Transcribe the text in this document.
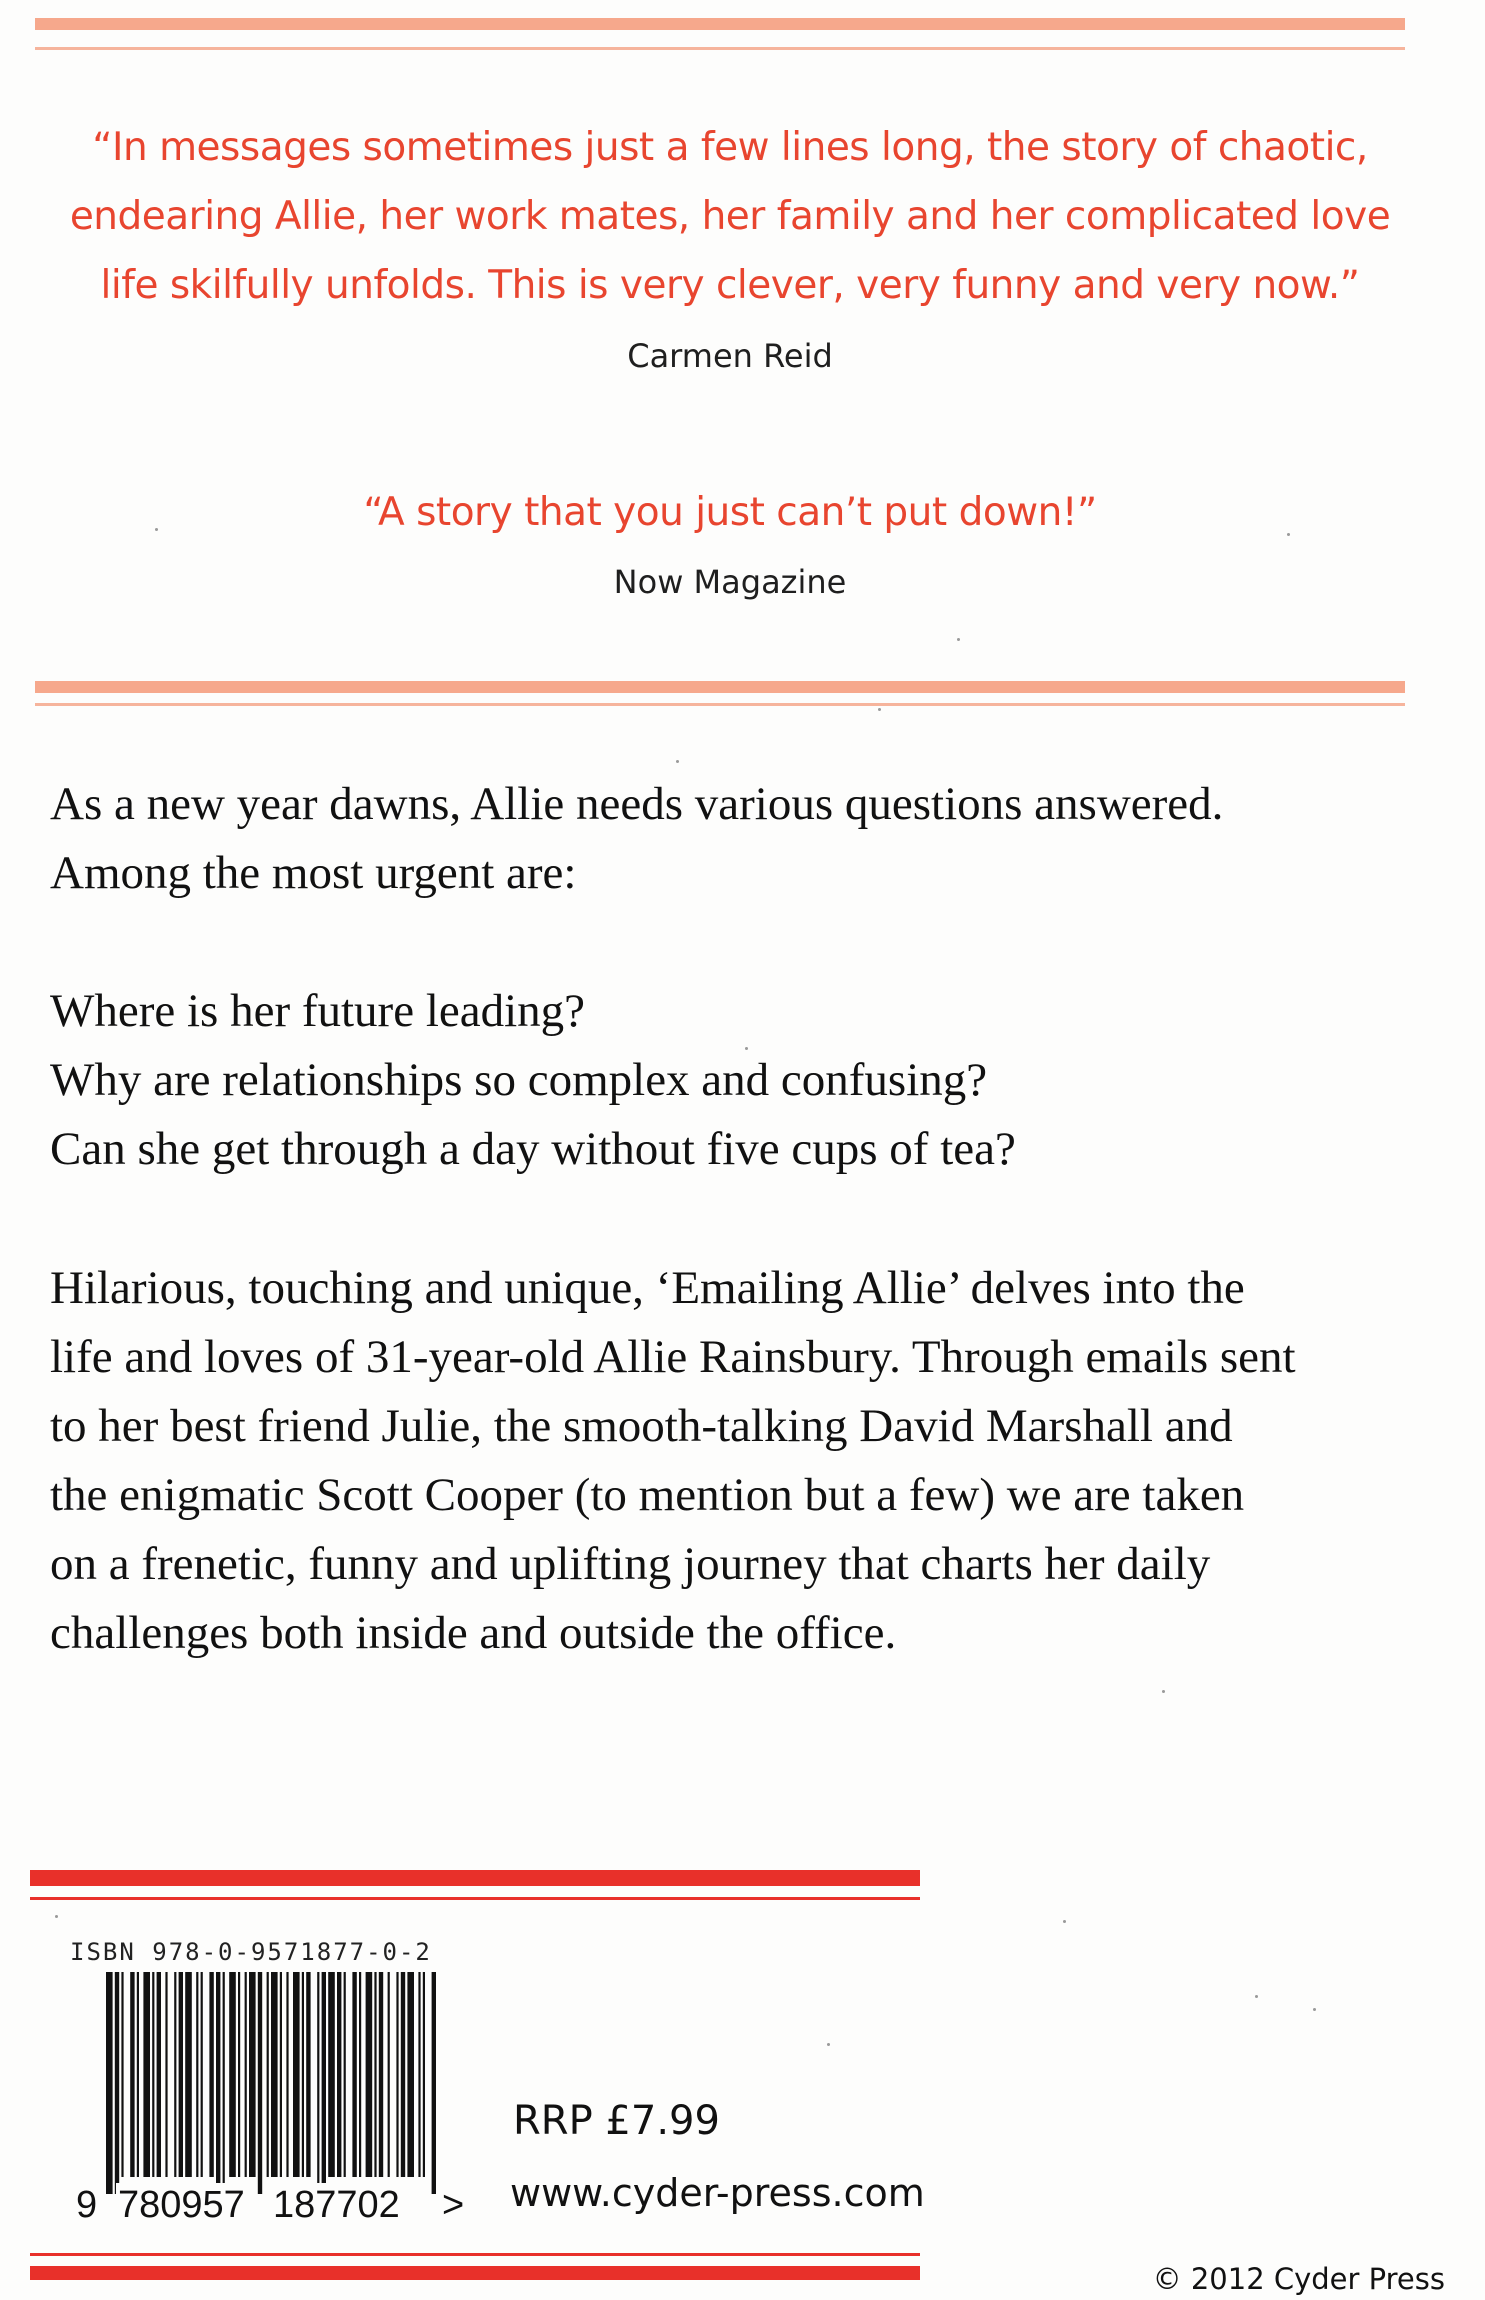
“In messages sometimes just a few lines long, the story of chaotic,
endearing Allie, her work mates, her family and her complicated love
life skilfully unfolds. This is very clever, very funny and very now.”
Carmen Reid
“A story that you just can’t put down!”
Now Magazine
As a new year dawns, Allie needs various questions answered.
Among the most urgent are:
Where is her future leading?
Why are relationships so complex and confusing?
Can she get through a day without five cups of tea?
Hilarious, touching and unique, ‘Emailing Allie’ delves into the
life and loves of 31-year-old Allie Rainsbury. Through emails sent
to her best friend Julie, the smooth-talking David Marshall and
the enigmatic Scott Cooper (to mention but a few) we are taken
on a frenetic, funny and uplifting journey that charts her daily
challenges both inside and outside the office.
ISBN 978-0-9571877-0-2
9 780957 187702 >
RRP £7.99
www.cyder-press.com
© 2012 Cyder Press
